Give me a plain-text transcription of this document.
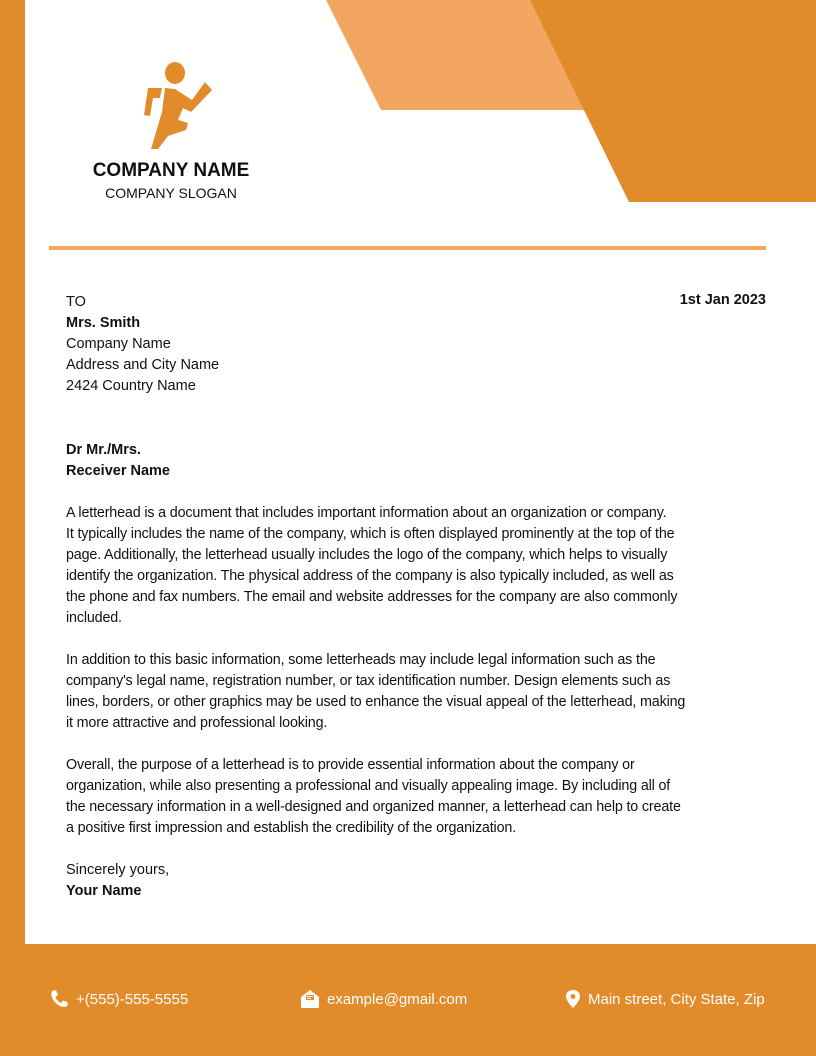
COMPANY NAME
COMPANY SLOGAN
TO
Mrs. Smith
Company Name
Address and City Name
2424 Country Name
1st Jan 2023
Dr Mr./Mrs.
Receiver Name

A letterhead is a document that includes important information about an organization or company.
It typically includes the name of the company, which is often displayed prominently at the top of the
page. Additionally, the letterhead usually includes the logo of the company, which helps to visually
identify the organization. The physical address of the company is also typically included, as well as
the phone and fax numbers. The email and website addresses for the company are also commonly
included.

In addition to this basic information, some letterheads may include legal information such as the
company's legal name, registration number, or tax identification number. Design elements such as
lines, borders, or other graphics may be used to enhance the visual appeal of the letterhead, making
it more attractive and professional looking.

Overall, the purpose of a letterhead is to provide essential information about the company or
organization, while also presenting a professional and visually appealing image. By including all of
the necessary information in a well-designed and organized manner, a letterhead can help to create
a positive first impression and establish the credibility of the organization.

Sincerely yours,
Your Name
+(555)-555-5555	example@gmail.com	Main street, City State, Zip
